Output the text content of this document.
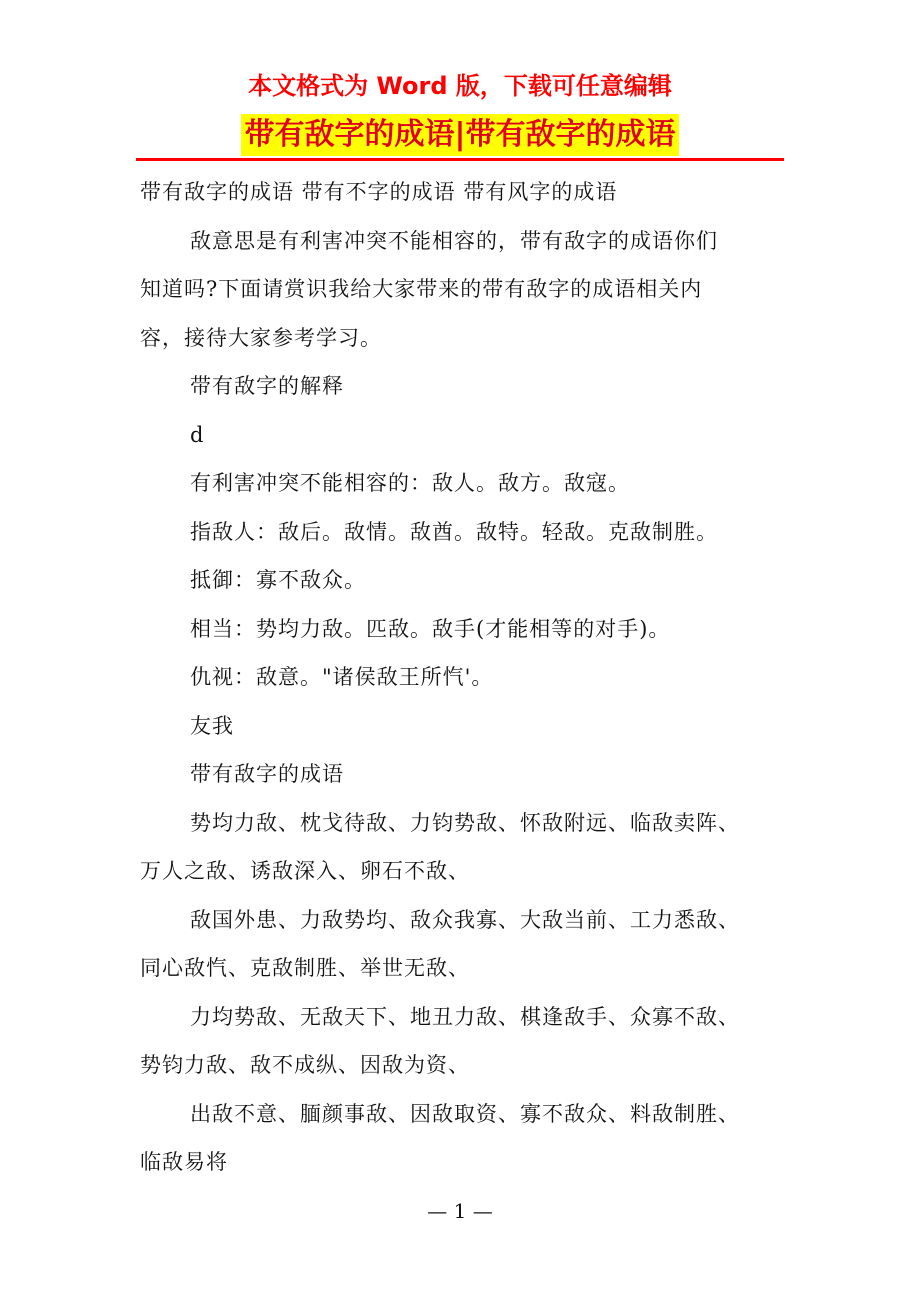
本文格式为 Word 版，下载可任意编辑
带有敌字的成语|带有敌字的成语
带有敌字的成语 带有不字的成语 带有风字的成语
敌意思是有利害冲突不能相容的，带有敌字的成语你们
知道吗?下面请赏识我给大家带来的带有敌字的成语相关内
容，接待大家参考学习。
带有敌字的解释
d
有利害冲突不能相容的：敌人。敌方。敌寇。
指敌人：敌后。敌情。敌酋。敌特。轻敌。克敌制胜。
抵御：寡不敌众。
相当：势均力敌。匹敌。敌手(才能相等的对手)。
仇视：敌意。"诸侯敌王所忾'。
友我
带有敌字的成语
势均力敌、枕戈待敌、力钧势敌、怀敌附远、临敌卖阵、
万人之敌、诱敌深入、卵石不敌、
敌国外患、力敌势均、敌众我寡、大敌当前、工力悉敌、
同心敌忾、克敌制胜、举世无敌、
力均势敌、无敌天下、地丑力敌、棋逢敌手、众寡不敌、
势钧力敌、敌不成纵、因敌为资、
出敌不意、腼颜事敌、因敌取资、寡不敌众、料敌制胜、
临敌易将
— 1 —
